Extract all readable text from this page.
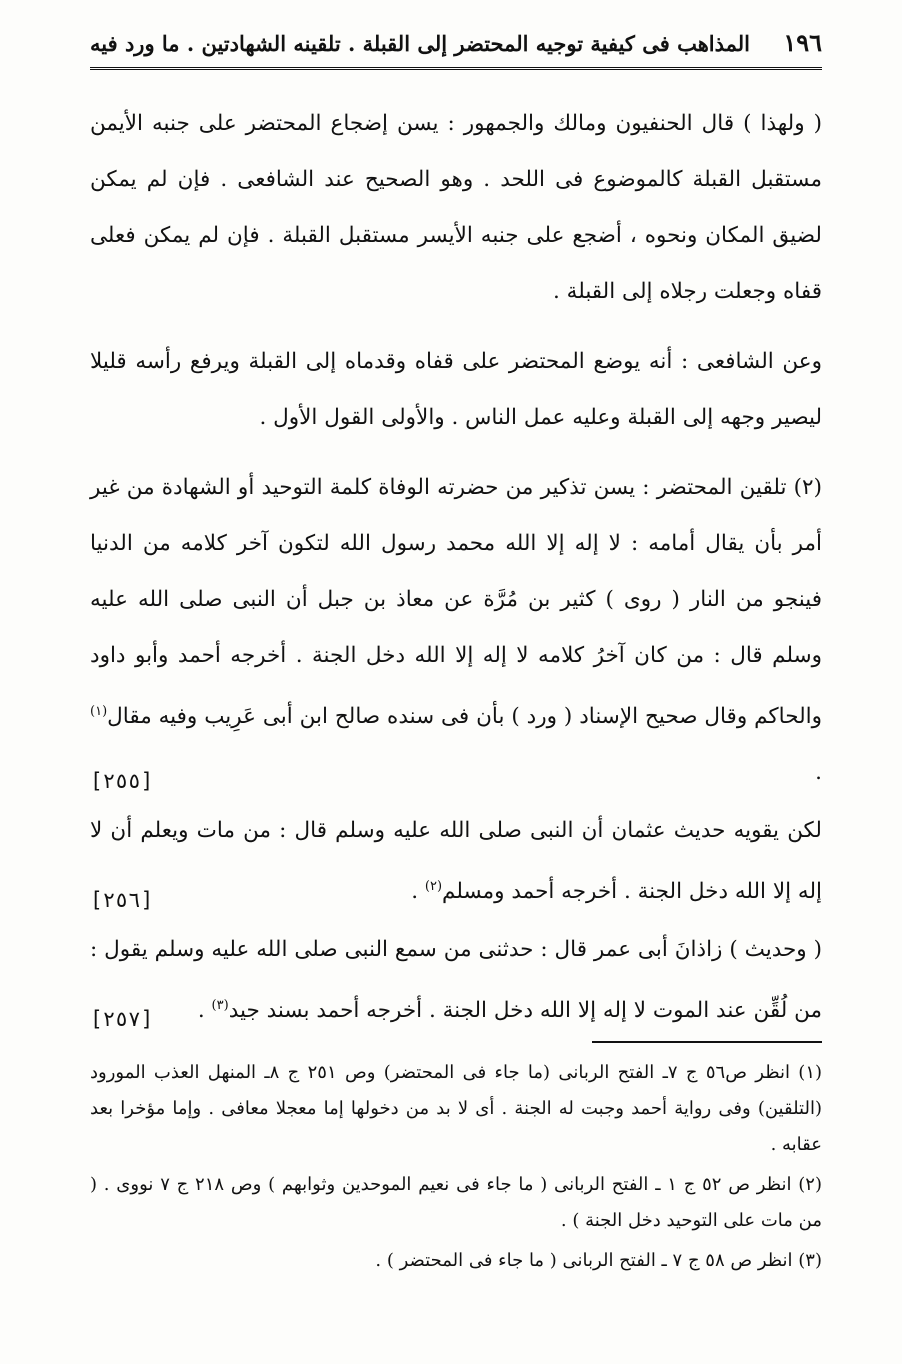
١٩٦
المذاهب فى كيفية توجيه المحتضر إلى القبلة . تلقينه الشهادتين . ما ورد فيه

( ولهذا ) قال الحنفيون ومالك والجمهور : يسن إضجاع المحتضر على جنبه الأيمن مستقبل القبلة كالموضوع فى اللحد . وهو الصحيح عند الشافعى . فإن لم يمكن لضيق المكان ونحوه ، أضجع على جنبه الأيسر مستقبل القبلة . فإن لم يمكن فعلى قفاه وجعلت رجلاه إلى القبلة .

وعن الشافعى : أنه يوضع المحتضر على قفاه وقدماه إلى القبلة ويرفع رأسه قليلا ليصير وجهه إلى القبلة وعليه عمل الناس . والأولى القول الأول .

(٢) تلقين المحتضر : يسن تذكير من حضرته الوفاة كلمة التوحيد أو الشهادة من غير أمر بأن يقال أمامه : لا إله إلا الله محمد رسول الله لتكون آخر كلامه من الدنيا فينجو من النار ( روى ) كثير بن مُرَّة عن معاذ بن جبل أن النبى صلى الله عليه وسلم قال : من كان آخرُ كلامه لا إله إلا الله دخل الجنة . أخرجه أحمد وأبو داود والحاكم وقال صحيح الإسناد ( ورد ) بأن فى سنده صالح ابن أبى عَرِيب وفيه مقال$^{(١)}$ .

[٢٥٥]

لكن يقويه حديث عثمان أن النبى صلى الله عليه وسلم قال : من مات ويعلم أن لا إله إلا الله دخل الجنة . أخرجه أحمد ومسلم$^{(٢)}$ .

[٢٥٦]

( وحديث ) زاذانَ أبى عمر قال : حدثنى من سمع النبى صلى الله عليه وسلم يقول : من لُقِّن عند الموت لا إله إلا الله دخل الجنة . أخرجه أحمد بسند جيد$^{(٣)}$ .

[٢٥٧]

(١) انظر ص٥٦ ج ٧ـ الفتح الربانى (ما جاء فى المحتضر) وص ٢٥١ ج ٨ـ المنهل العذب المورود (التلقين) وفى رواية أحمد وجبت له الجنة . أى لا بد من دخولها إما معجلا معافى . وإما مؤخرا بعد عقابه .

(٢) انظر ص ٥٢ ج ١ ـ الفتح الربانى ( ما جاء فى نعيم الموحدين وثوابهم ) وص ٢١٨ ج ٧ نووى . ( من مات على التوحيد دخل الجنة ) .

(٣) انظر ص ٥٨ ج ٧ ـ الفتح الربانى ( ما جاء فى المحتضر ) .
